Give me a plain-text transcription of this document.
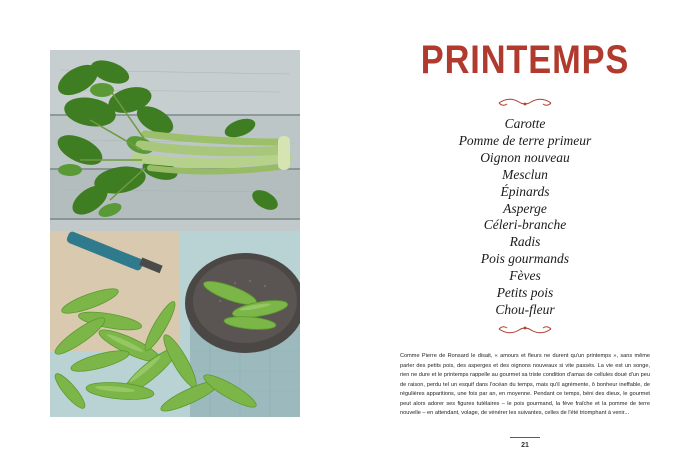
PRINTEMPS
Carotte
Pomme de terre primeur
Oignon nouveau
Mesclun
Épinards
Asperge
Céleri-branche
Radis
Pois gourmands
Fèves
Petits pois
Chou-fleur

Comme Pierre de Ronsard le disait, « amours et fleurs ne durent qu'un printemps », sans même parler des petits pois, des asperges et des oignons nouveaux si vite passés. La vie est un songe, rien ne dure et le printemps rappelle au gourmet sa triste condition d'amas de cellules doué d'un peu de raison, perdu tel un esquif dans l'océan du temps, mais qu'il agrémente, ô bonheur ineffable, de régulières apparitions, une fois par an, en moyenne. Pendant ce temps, béni des dieux, le gourmet peut alors adorer ses figures tutélaires – le pois gourmand, la fève fraîche et la pomme de terre nouvelle – en attendant, volage, de vénérer les suivantes, celles de l'été triomphant à venir...

21
